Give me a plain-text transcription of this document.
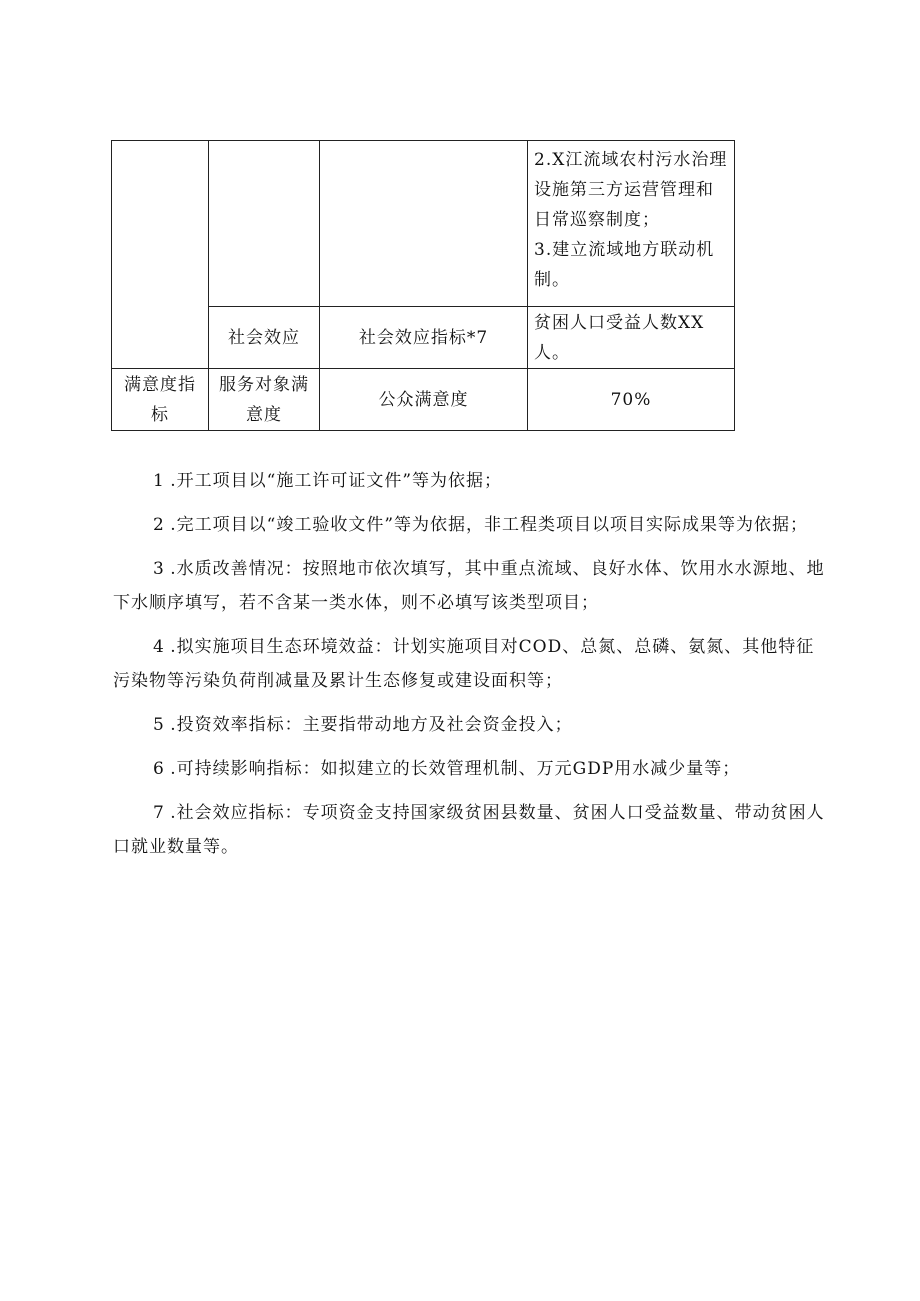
			2.X江流域农村污水治理设施第三方运营管理和日常巡察制度；
3.建立流域地方联动机制。

	社会效应	社会效应指标*7	贫困人口受益人数XX人。
满意度指标	服务对象满意度	公众满意度	70%

1 .开工项目以“施工许可证文件”等为依据；

2 .完工项目以“竣工验收文件”等为依据，非工程类项目以项目实际成果等为依据；

3 .水质改善情况：按照地市依次填写，其中重点流域、良好水体、饮用水水源地、地下水顺序填写，若不含某一类水体，则不必填写该类型项目；

4 .拟实施项目生态环境效益：计划实施项目对COD、总氮、总磷、氨氮、其他特征污染物等污染负荷削减量及累计生态修复或建设面积等；

5 .投资效率指标：主要指带动地方及社会资金投入；

6 .可持续影响指标：如拟建立的长效管理机制、万元GDP用水减少量等；

7 .社会效应指标：专项资金支持国家级贫困县数量、贫困人口受益数量、带动贫困人口就业数量等。
